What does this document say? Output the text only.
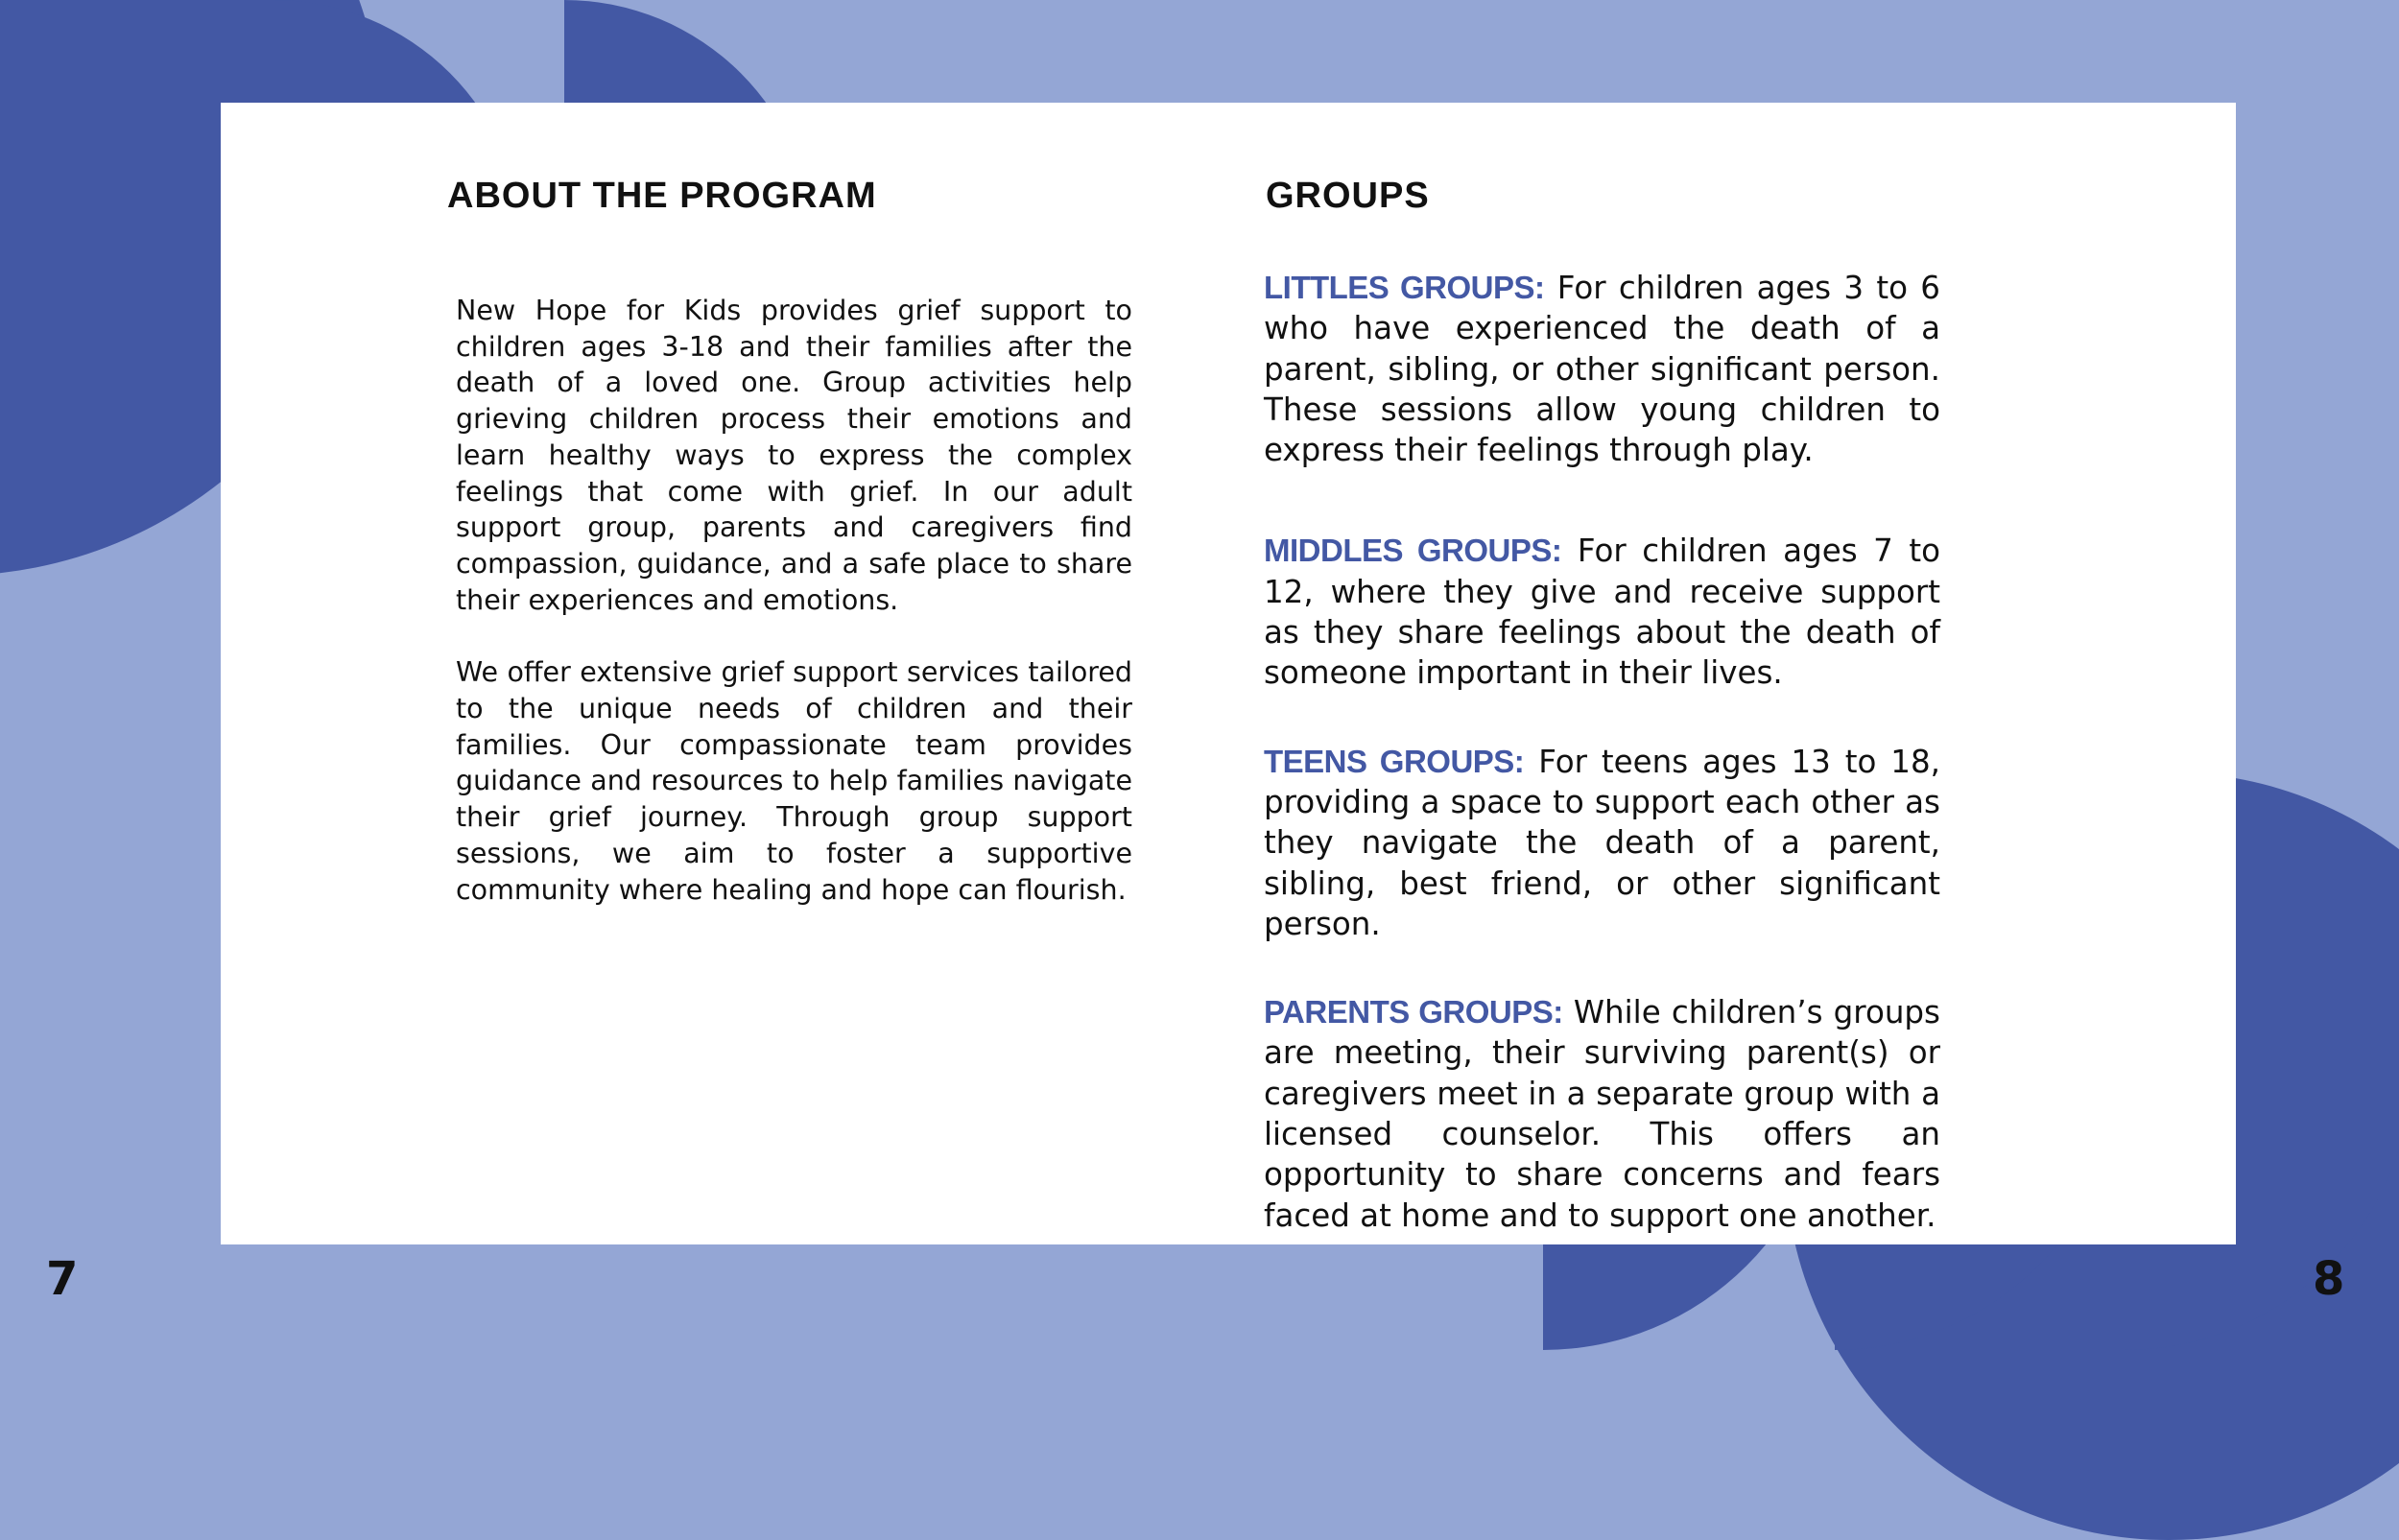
ABOUT THE PROGRAM	GROUPS

New Hope for Kids provides grief support to children ages 3-18 and their families after the death of a loved one. Group activities help grieving children process their emotions and learn healthy ways to express the complex feelings that come with grief. In our adult support group, parents and caregivers find compassion, guidance, and a safe place to share their experiences and emotions.

We offer extensive grief support services tailored to the unique needs of children and their families. Our compassionate team provides guidance and resources to help families navigate their grief journey. Through group support sessions, we aim to foster a supportive community where healing and hope can flourish.

LITTLES GROUPS: For children ages 3 to 6 who have experienced the death of a parent, sibling, or other significant person. These sessions allow young children to express their feelings through play.

MIDDLES GROUPS: For children ages 7 to 12, where they give and receive support as they share feelings about the death of someone important in their lives.

TEENS GROUPS: For teens ages 13 to 18, providing a space to support each other as they navigate the death of a parent, sibling, best friend, or other significant person.

PARENTS GROUPS: While children’s groups are meeting, their surviving parent(s) or caregivers meet in a separate group with a licensed counselor. This offers an opportunity to share concerns and fears faced at home and to support one another.

7	8
